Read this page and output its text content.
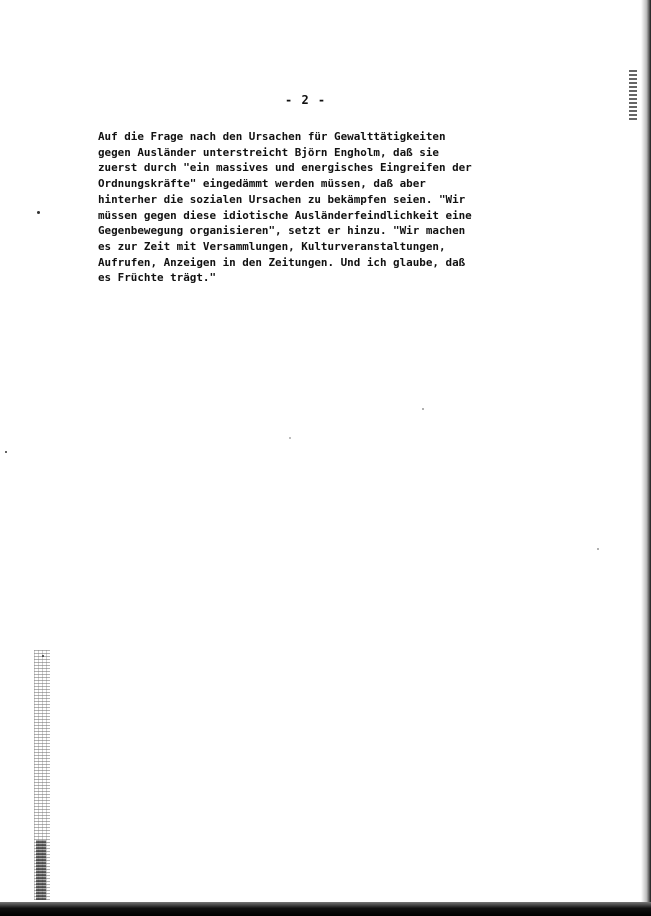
- 2 -
Auf die Frage nach den Ursachen für Gewalttätigkeiten
gegen Ausländer unterstreicht Björn Engholm, daß sie
zuerst durch "ein massives und energisches Eingreifen der
Ordnungskräfte" eingedämmt werden müssen, daß aber
hinterher die sozialen Ursachen zu bekämpfen seien. "Wir
müssen gegen diese idiotische Ausländerfeindlichkeit eine
Gegenbewegung organisieren", setzt er hinzu. "Wir machen
es zur Zeit mit Versammlungen, Kulturveranstaltungen,
Aufrufen, Anzeigen in den Zeitungen. Und ich glaube, daß
es Früchte trägt."
